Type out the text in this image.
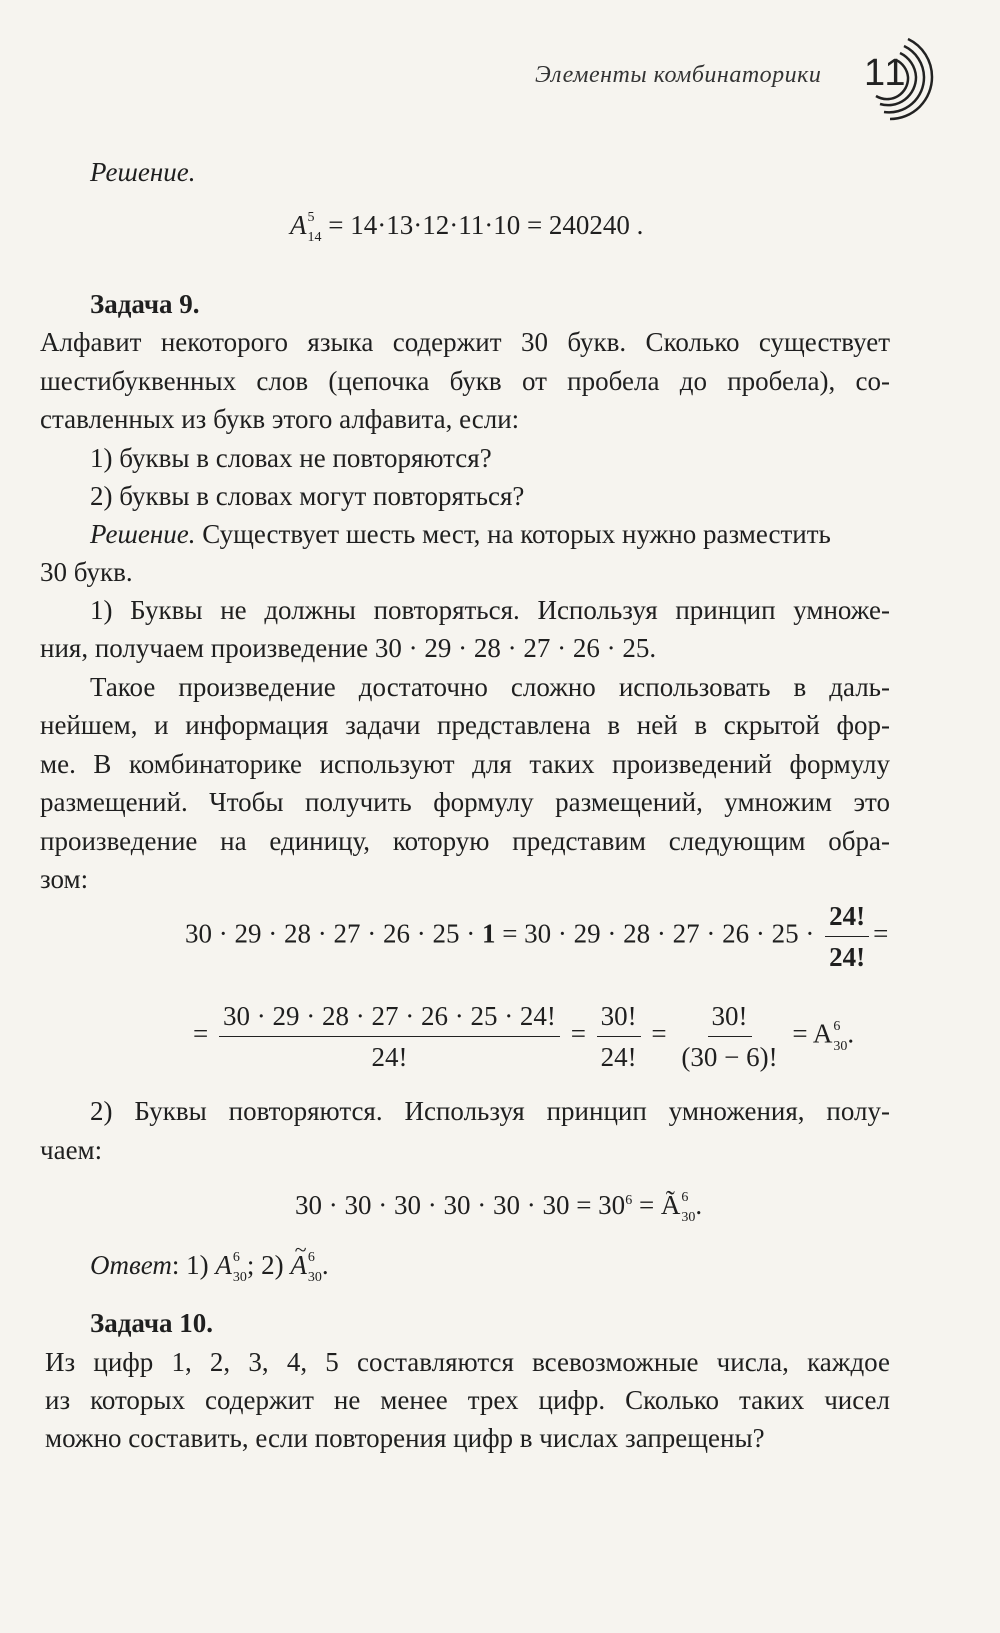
Элементы комбинаторики 11
Решение.
A 5
14 = 14·13·12·11·10 = 240240 .
Задача 9.
Алфавит некоторого языка содержит 30 букв. Сколько существует
шестибуквенных слов (цепочка букв от пробела до пробела), со-
ставленных из букв этого алфавита, если:
1) буквы в словах не повторяются?
2) буквы в словах могут повторяться?
Решение. Существует шесть мест, на которых нужно разместить
30 букв.
1) Буквы не должны повторяться. Используя принцип умноже-
ния, получаем произведение 30 · 29 · 28 · 27 · 26 · 25.
Такое произведение достаточно сложно использовать в даль-
нейшем, и информация задачи представлена в ней в скрытой фор-
ме. В комбинаторике используют для таких произведений формулу
размещений. Чтобы получить формулу размещений, умножим это
произведение на единицу, которую представим следующим обра-
зом:
$30 \cdot 29 \cdot 28 \cdot 27 \cdot 26 \cdot 25 \cdot 1 = 30 \cdot 29 \cdot 28 \cdot 27 \cdot 26 \cdot 25 \cdot \frac{24!}{24!}$ =
= $\frac{30 \cdot 29 \cdot 28 \cdot 27 \cdot 26 \cdot 25 \cdot 24!}{24!} = \frac{30!}{24!} = \frac{30!}{(30 - 6)!} = A$ 6
30 .
2) Буквы повторяются. Используя принцип умножения, полу-
чаем:
$30 \cdot 30 \cdot 30 \cdot 30 \cdot 30 \cdot 30 = 30^6$ = Ã 6
30 .
Ответ: 1) A 6
30 ; 2) ~ A 6
30 .
Задача 10.
Из цифр 1, 2, 3, 4, 5 составляются всевозможные числа, каждое
из которых содержит не менее трех цифр. Сколько таких чисел
можно составить, если повторения цифр в числах запрещены?
